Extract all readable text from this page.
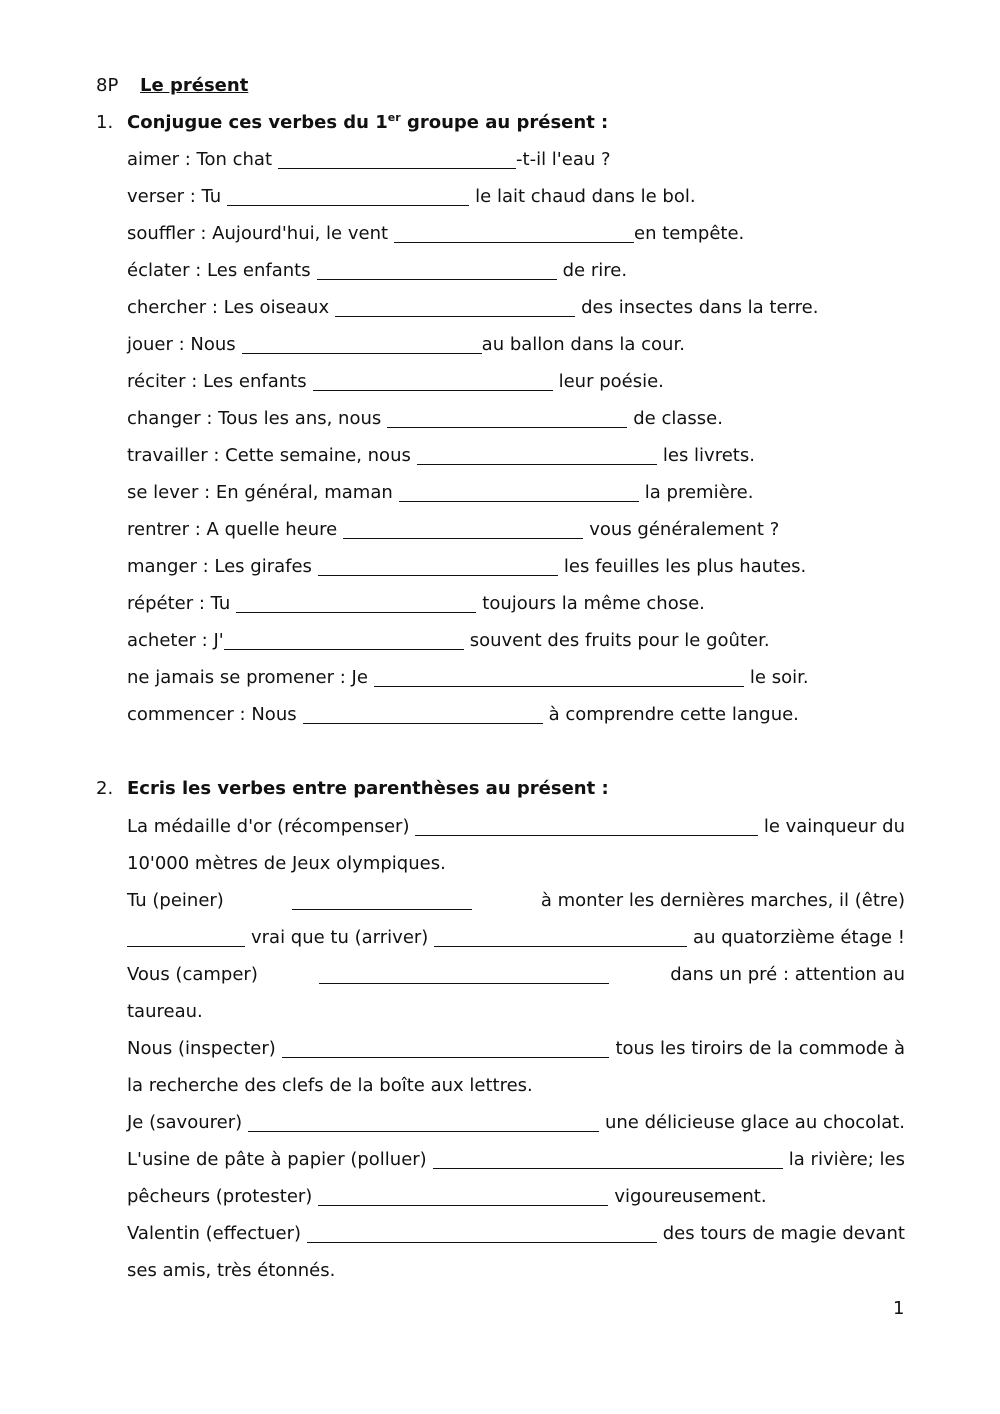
8P Le présent
1. Conjugue ces verbes du 1er groupe au présent :
aimer : Ton chat	-t-il l'eau ?
verser : Tu	le lait chaud dans le bol.
souffler : Aujourd'hui, le vent	en tempête.
éclater : Les enfants	de rire.
chercher : Les oiseaux	des insectes dans la terre.
jouer : Nous	au ballon dans la cour.
réciter : Les enfants	leur poésie.
changer : Tous les ans, nous	de classe.
travailler : Cette semaine, nous	les livrets.
se lever : En général, maman	la première.
rentrer : A quelle heure	vous généralement ?
manger : Les girafes	les feuilles les plus hautes.
répéter : Tu	toujours la même chose.
acheter : J'	souvent des fruits pour le goûter.
ne jamais se promener : Je	le soir.
commencer : Nous	à comprendre cette langue.
2. Ecris les verbes entre parenthèses au présent :
La médaille d'or (récompenser)	le vainqueur du
10'000 mètres de Jeux olympiques.
Tu (peiner)	à monter les dernières marches, il (être)
vrai que tu (arriver)	au quatorzième étage !
Vous (camper)	dans un pré : attention au
taureau.
Nous (inspecter)	tous les tiroirs de la commode à
la recherche des clefs de la boîte aux lettres.
Je (savourer)	une délicieuse glace au chocolat.
L'usine de pâte à papier (polluer)	la rivière; les
pêcheurs (protester)	vigoureusement.
Valentin (effectuer)	des tours de magie devant
ses amis, très étonnés.
1
